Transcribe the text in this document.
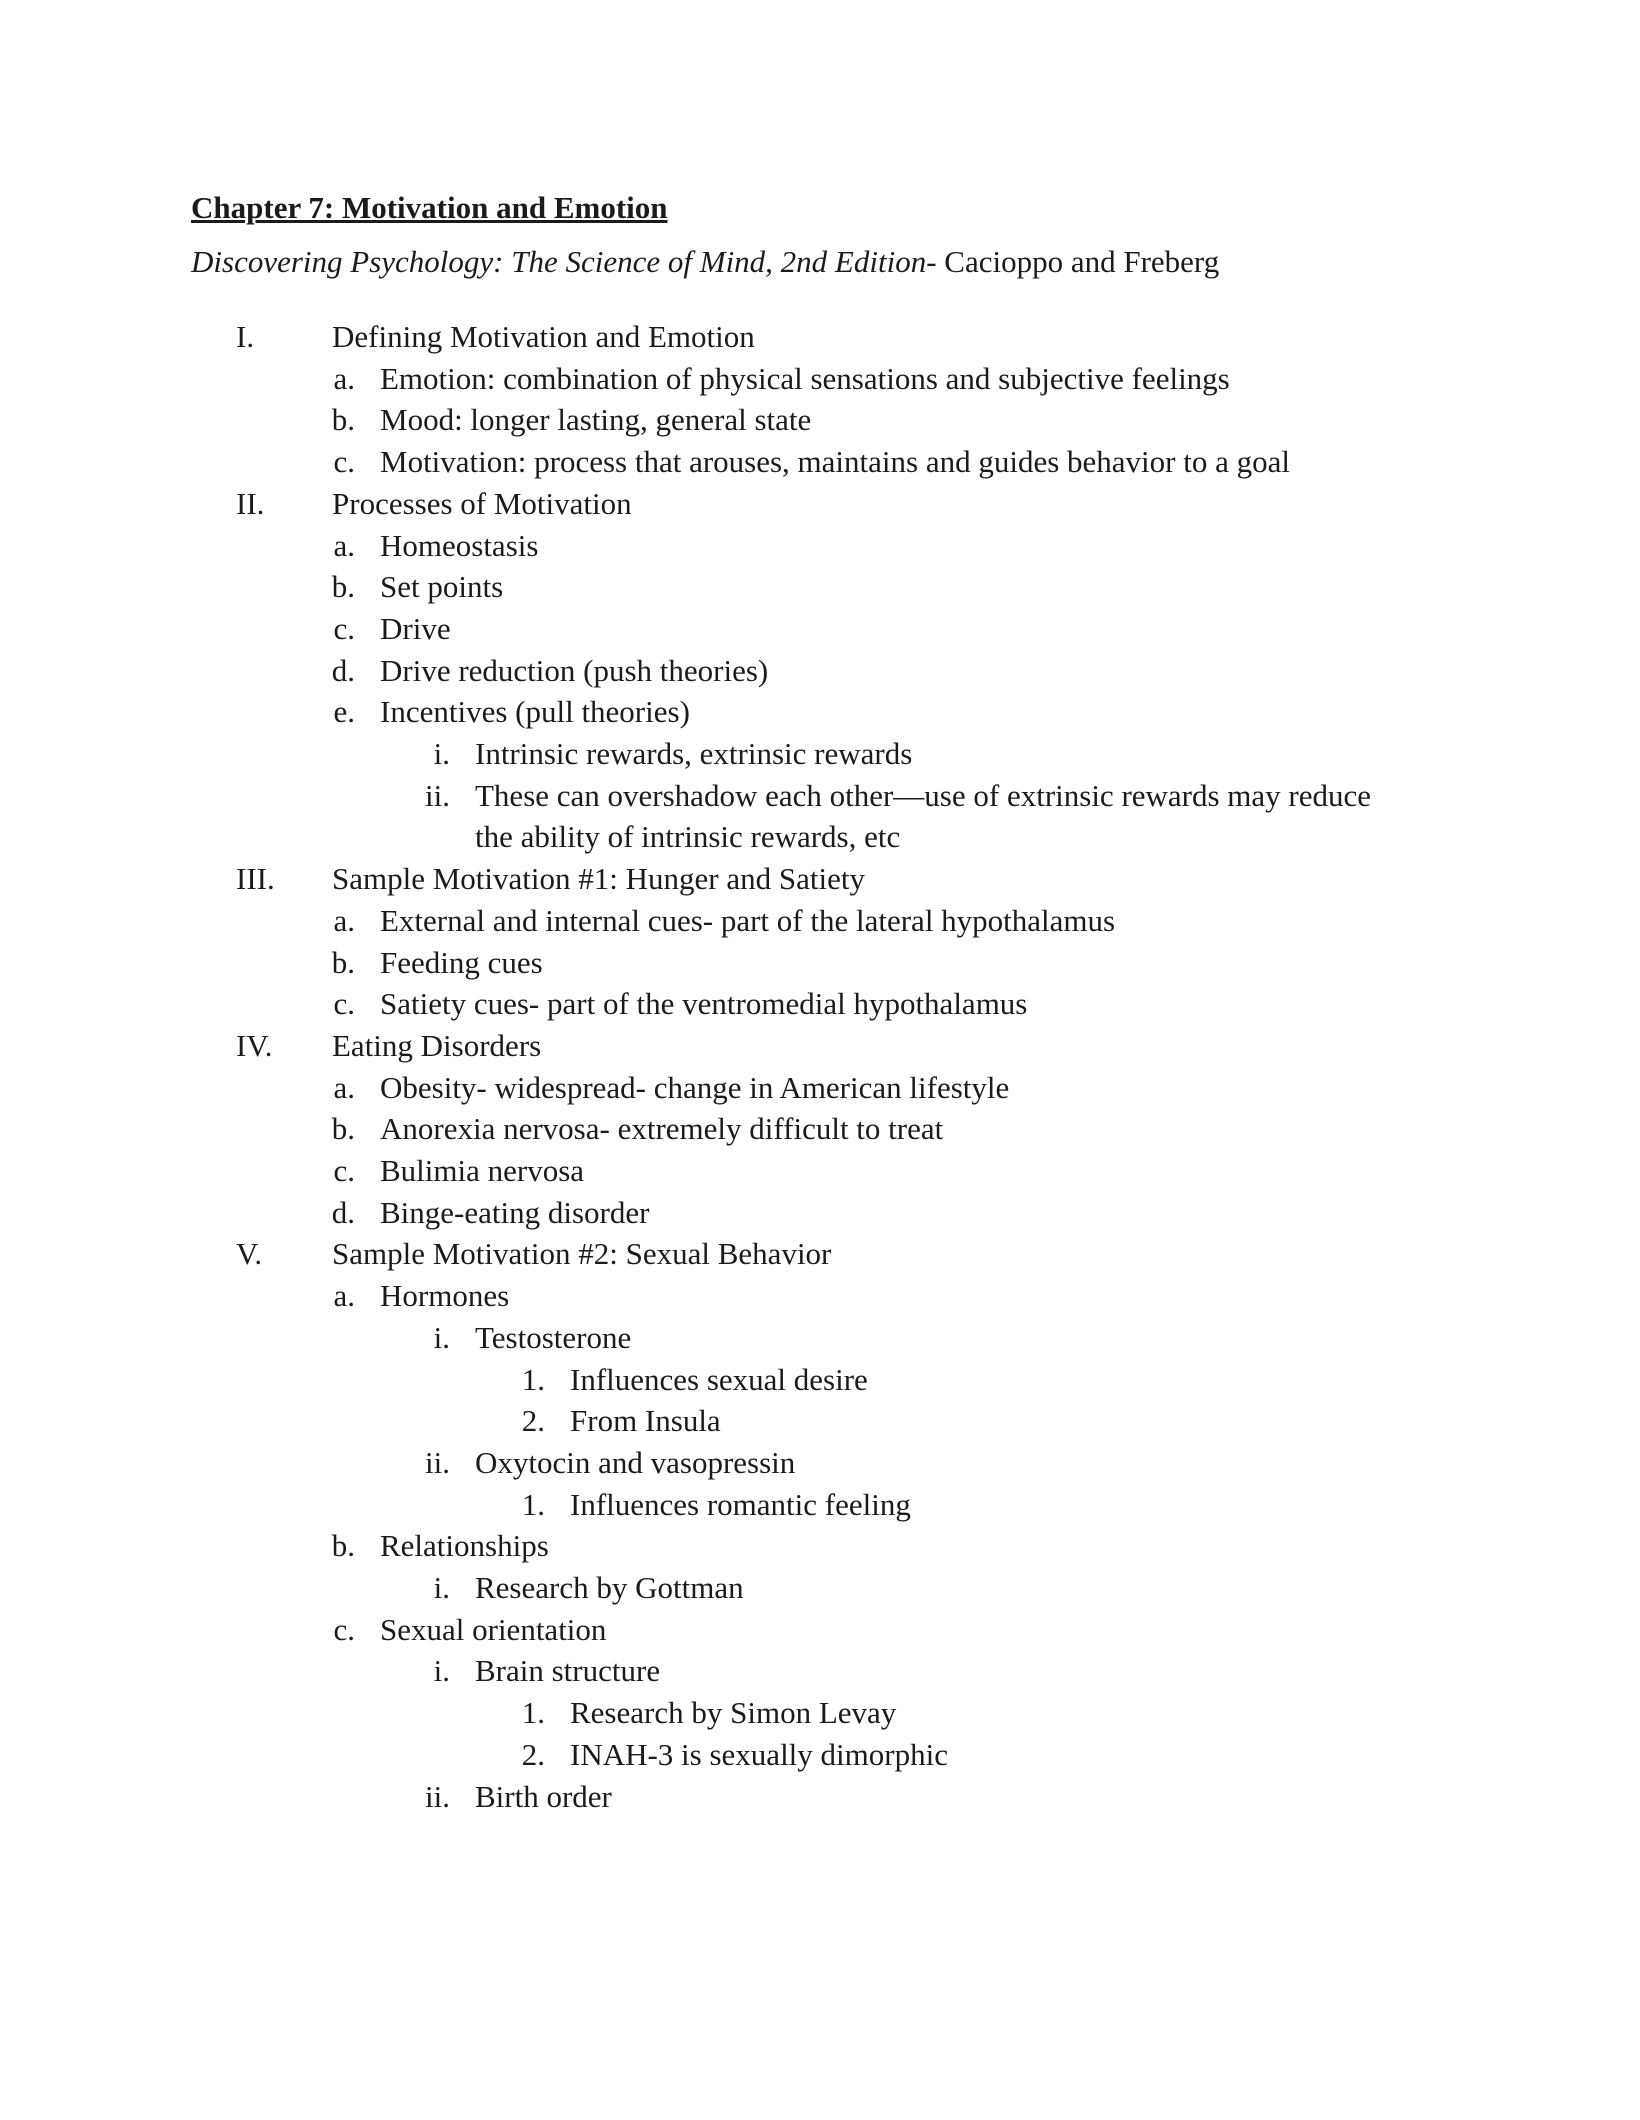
Chapter 7: Motivation and Emotion
Discovering Psychology: The Science of Mind, 2nd Edition- Cacioppo and Freberg
I.	Defining Motivation and Emotion
a. Emotion: combination of physical sensations and subjective feelings
b. Mood: longer lasting, general state
c. Motivation: process that arouses, maintains and guides behavior to a goal
II. Processes of Motivation
a. Homeostasis
b. Set points
c. Drive
d. Drive reduction (push theories)
e. Incentives (pull theories)
i. Intrinsic rewards, extrinsic rewards
ii. These can overshadow each other—use of extrinsic rewards may reduce
the ability of intrinsic rewards, etc
III. Sample Motivation #1: Hunger and Satiety
a. External and internal cues- part of the lateral hypothalamus
b. Feeding cues
c. Satiety cues- part of the ventromedial hypothalamus
IV. Eating Disorders
a. Obesity- widespread- change in American lifestyle
b. Anorexia nervosa- extremely difficult to treat
c. Bulimia nervosa
d. Binge-eating disorder
V. Sample Motivation #2: Sexual Behavior
a. Hormones
i. Testosterone
1. Influences sexual desire
2. From Insula
ii. Oxytocin and vasopressin
1. Influences romantic feeling
b. Relationships
i. Research by Gottman
c. Sexual orientation
i. Brain structure
1. Research by Simon Levay
2. INAH-3 is sexually dimorphic
ii. Birth order
